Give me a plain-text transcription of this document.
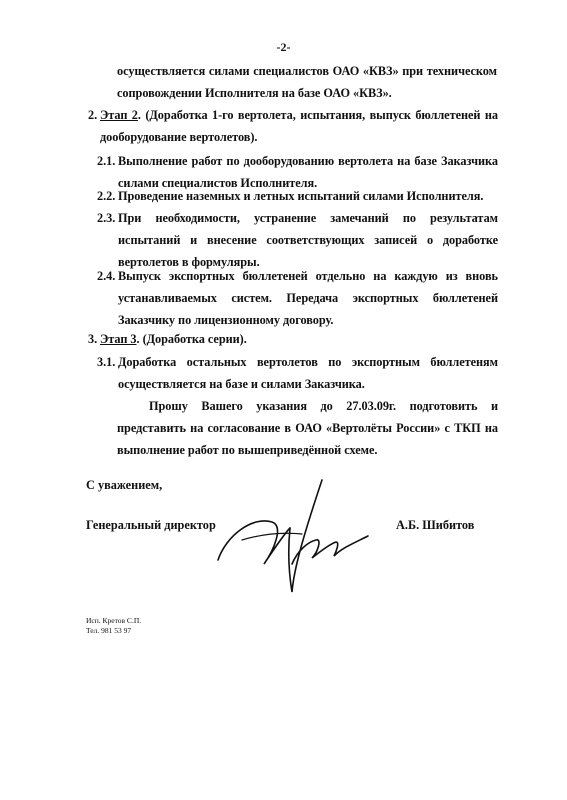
-2-
осуществляется силами специалистов ОАО «КВЗ» при техническом
сопровождении Исполнителя на базе ОАО «КВЗ».
2. Этап 2. (Доработка 1-го вертолета, испытания, выпуск бюллетеней на дооборудование вертолетов).
2.1. Выполнение работ по дооборудованию вертолета на базе Заказчика силами специалистов Исполнителя.
2.2. Проведение наземных и летных испытаний силами Исполнителя.
2.3. При необходимости, устранение замечаний по результатам испытаний и внесение соответствующих записей о доработке вертолетов в формуляры.
2.4. Выпуск экспортных бюллетеней отдельно на каждую из вновь устанавливаемых систем. Передача экспортных бюллетеней Заказчику по лицензионному договору.
3. Этап 3. (Доработка серии).
3.1. Доработка остальных вертолетов по экспортным бюллетеням осуществляется на базе и силами Заказчика.
Прошу Вашего указания до 27.03.09г. подготовить и представить на согласование в ОАО «Вертолёты России» с ТКП на выполнение работ по вышеприведённой схеме.
С уважением,
Генеральный директор	А.Б. Шибитов
Исп. Кретов С.П.
Тел. 981 53 97
